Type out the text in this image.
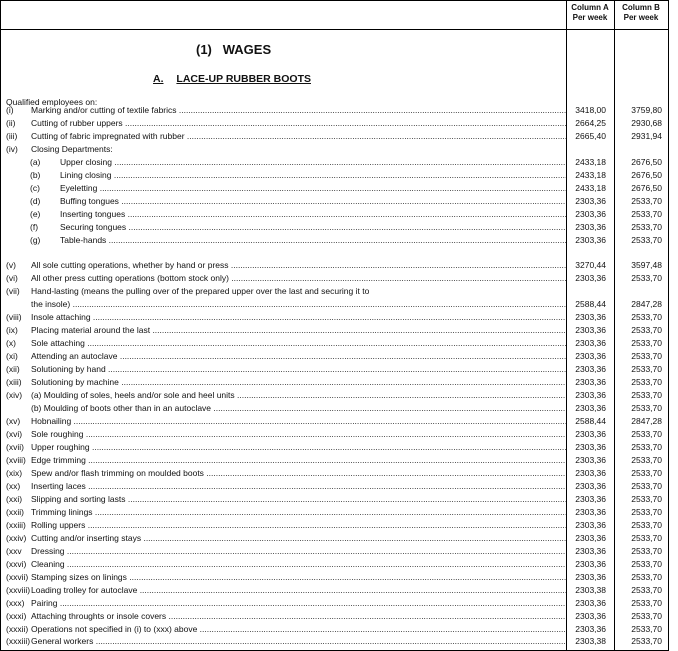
Column A
Per week
Column B
Per week
(1)   WAGES
A. LACE-UP RUBBER BOOTS
Qualified employees on:
(i) Marking and/or cutting of textile fabrics .....	3418,00	3759,80
(ii) Cutting of rubber uppers .....	2664,25	2930,68
(iii) Cutting of fabric impregnated with rubber .....	2665,40	2931,94
(iv) Closing Departments:
(a) Upper closing .....	2433,18	2676,50
(b) Lining closing .....	2433,18	2676,50
(c) Eyeletting .....	2433,18	2676,50
(d) Buffing tongues .....	2303,36	2533,70
(e) Inserting tongues .....	2303,36	2533,70
(f)	Securing tongues .....	2303,36	2533,70
(g) Table-hands .....	2303,36	2533,70
(v) All sole cutting operations, whether by hand or press .....	3270,44	3597,48
(vi) All other press cutting operations (bottom stock only) .....	2303,36	2533,70
(vii) Hand-lasting (means the pulling over of the prepared upper over the last and securing it to
the insole) .....	2588,44	2847,28
(viii) Insole attaching .....	2303,36	2533,70
(ix) Placing material around the last .....	2303,36	2533,70
(x) Sole attaching .....	2303,36	2533,70
(xi) Attending an autoclave .....	2303,36	2533,70
(xii) Solutioning by hand .....	2303,36	2533,70
(xiii) Solutioning by machine .....	2303,36	2533,70
(xiv) (a) Moulding of soles, heels and/or sole and heel units .....	2303,36	2533,70
(b) Moulding of boots other than in an autoclave .....	2303,36	2533,70
(xv) Hobnailing .....	2588,44	2847,28
(xvi) Sole roughing .....	2303,36	2533,70
(xvii) Upper roughing .....	2303,36	2533,70
(xviii) Edge trimming .....	2303,36	2533,70
(xix) Spew and/or flash trimming on moulded boots .....	2303,36	2533,70
(xx) Inserting laces .....	2303,36	2533,70
(xxi) Slipping and sorting lasts .....	2303,36	2533,70
(xxii) Trimming linings .....	2303,36	2533,70
(xxiii) Rolling uppers .....	2303,36	2533,70
(xxiv) Cutting and/or inserting stays .....	2303,36	2533,70
(xxv Dressing .....	2303,36	2533,70
(xxvi) Cleaning .....	2303,36	2533,70
(xxvii) Stamping sizes on linings .....	2303,36	2533,70
(xxviii) Loading trolley for autoclave .....	2303,38	2533,70
(xxx) Pairing .....	2303,36	2533,70
(xxxi) Attaching throughts or insole covers .....	2303,36	2533,70
(xxxii) Operations not specified in (i) to (xxx) above .....	2303,36	2533,70
(xxxiii) General workers .....	2303,38	2533,70
